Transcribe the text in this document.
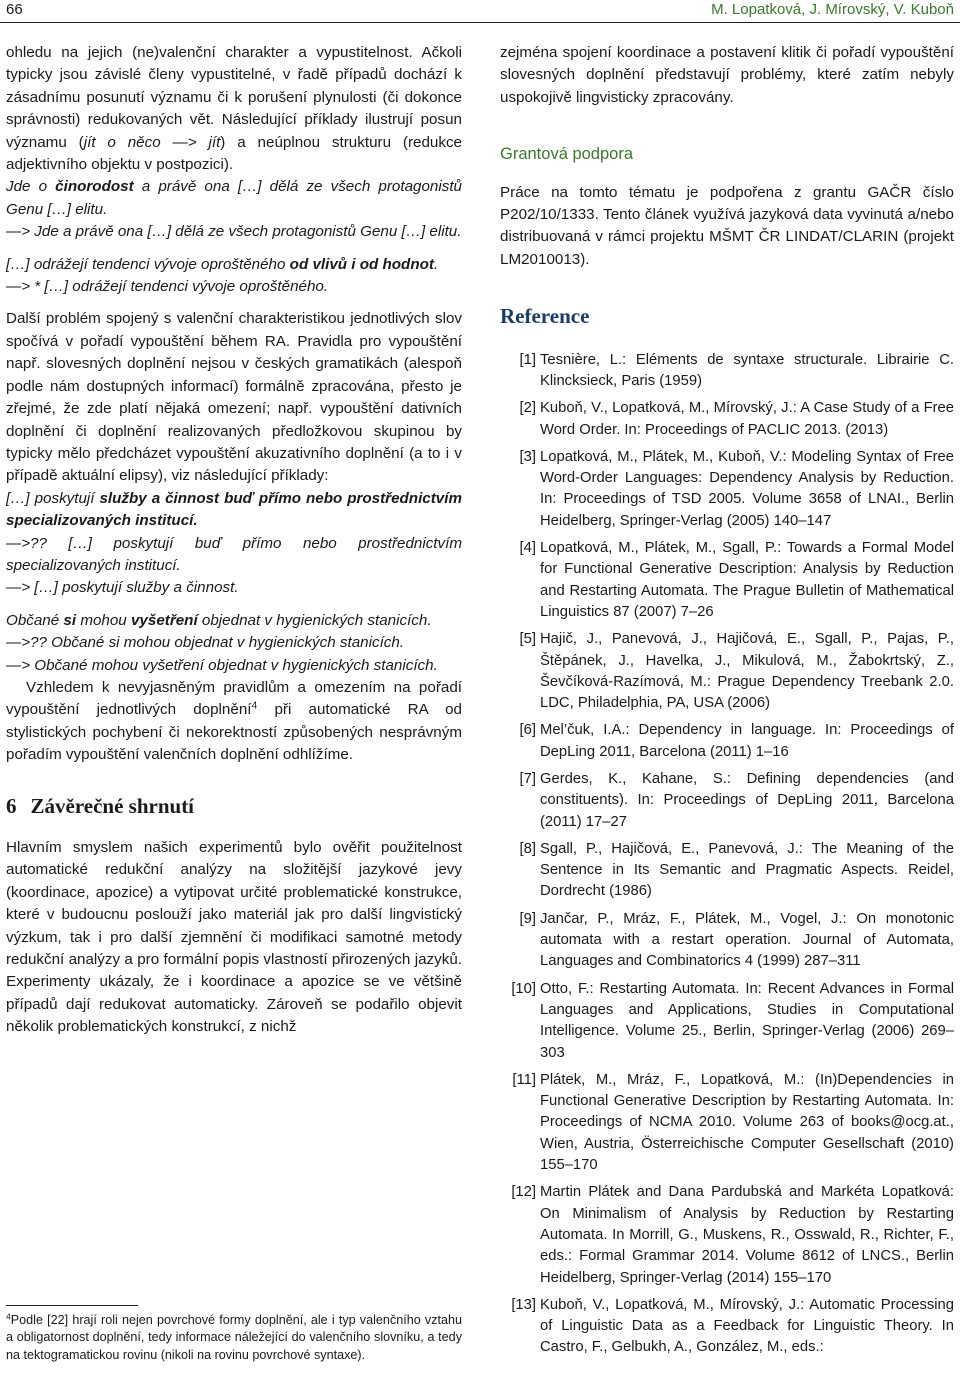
66	M. Lopatková, J. Mírovský, V. Kuboň

ohledu na jejich (ne)valenční charakter a vypustitelnost. Ačkoli typicky jsou závislé členy vypustitelné, v řadě případů dochází k zásadnímu posunutí významu či k porušení plynulosti (či dokonce správnosti) redukovaných vět. Následující příklady ilustrují posun významu (jít o něco —> jít) a neúplnou strukturu (redukce adjektivního objektu v postpozici).

Jde o činorodost a právě ona […] dělá ze všech protagonistů Genu […] elitu.

—> Jde a právě ona […] dělá ze všech protagonistů Genu […] elitu.

[…] odrážejí tendenci vývoje oproštěného od vlivů i od hodnot.

—> * […] odrážejí tendenci vývoje oproštěného.

Další problém spojený s valenční charakteristikou jednotlivých slov spočívá v pořadí vypouštění během RA. Pravidla pro vypouštění např. slovesných doplnění nejsou v českých gramatikách (alespoň podle nám dostupných informací) formálně zpracována, přesto je zřejmé, že zde platí nějaká omezení; např. vypouštění dativních doplnění či doplnění realizovaných předložkovou skupinou by typicky mělo předcházet vypouštění akuzativního doplnění (a to i v případě aktuální elipsy), viz následující příklady:

[…] poskytují služby a činnost buď přímo nebo prostřednictvím specializovaných institucí.

—>?? […] poskytují buď přímo nebo prostřednictvím specializovaných institucí.

—> […] poskytují služby a činnost.

Občané si mohou vyšetření objednat v hygienických stanicích.

—>?? Občané si mohou objednat v hygienických stanicích.

—> Občané mohou vyšetření objednat v hygienických stanicích.

Vzhledem k nevyjasněným pravidlům a omezením na pořadí vypouštění jednotlivých doplnění$^4$ při automatické RA od stylistických pochybení či nekorektností způsobených nesprávným pořadím vypouštění valenčních doplnění odhlížíme.

6 Závěrečné shrnutí

Hlavním smyslem našich experimentů bylo ověřit použitelnost automatické redukční analýzy na složitější jazykové jevy (koordinace, apozice) a vytipovat určité problematické konstrukce, které v budoucnu poslouží jako materiál jak pro další lingvistický výzkum, tak i pro další zjemnění či modifikaci samotné metody redukční analýzy a pro formální popis vlastností přirozených jazyků. Experimenty ukázaly, že i koordinace a apozice se ve většině případů dají redukovat automaticky. Zároveň se podařilo objevit několik problematických konstrukcí, z nichž

$^4$Podle [22] hrají roli nejen povrchové formy doplnění, ale i typ valenčního vztahu a obligatornost doplnění, tedy informace náležející do valenčního slovníku, a tedy na tektogramatickou rovinu (nikoli na rovinu povrchové syntaxe).

zejména spojení koordinace a postavení klitik či pořadí vypouštění slovesných doplnění představují problémy, které zatím nebyly uspokojivě lingvisticky zpracovány.

Grantová podpora

Práce na tomto tématu je podpořena z grantu GAČR číslo P202/10/1333. Tento článek využívá jazyková data vyvinutá a/nebo distribuovaná v rámci projektu MŠMT ČR LINDAT/CLARIN (projekt LM2010013).

Reference
[1] Tesnière, L.: Eléments de syntaxe structurale. Librairie C. Klincksieck, Paris (1959)
[2] Kuboň, V., Lopatková, M., Mírovský, J.: A Case Study of a Free Word Order. In: Proceedings of PACLIC 2013. (2013)
[3] Lopatková, M., Plátek, M., Kuboň, V.: Modeling Syntax of Free Word-Order Languages: Dependency Analysis by Reduction. In: Proceedings of TSD 2005. Volume 3658 of LNAI., Berlin Heidelberg, Springer-Verlag (2005) 140–147
[4] Lopatková, M., Plátek, M., Sgall, P.: Towards a Formal Model for Functional Generative Description: Analysis by Reduction and Restarting Automata. The Prague Bulletin of Mathematical Linguistics 87 (2007) 7–26
[5] Hajič, J., Panevová, J., Hajičová, E., Sgall, P., Pajas, P., Štěpánek, J., Havelka, J., Mikulová, M., Žabokrtský, Z., Ševčíková-Razímová, M.: Prague Dependency Treebank 2.0. LDC, Philadelphia, PA, USA (2006)
[6] Mel’čuk, I.A.: Dependency in language. In: Proceedings of DepLing 2011, Barcelona (2011) 1–16
[7] Gerdes, K., Kahane, S.: Defining dependencies (and constituents). In: Proceedings of DepLing 2011, Barcelona (2011) 17–27
[8] Sgall, P., Hajičová, E., Panevová, J.: The Meaning of the Sentence in Its Semantic and Pragmatic Aspects. Reidel, Dordrecht (1986)
[9] Jančar, P., Mráz, F., Plátek, M., Vogel, J.: On monotonic automata with a restart operation. Journal of Automata, Languages and Combinatorics 4 (1999) 287–311
[10] Otto, F.: Restarting Automata. In: Recent Advances in Formal Languages and Applications, Studies in Computational Intelligence. Volume 25., Berlin, Springer-Verlag (2006) 269–303
[11] Plátek, M., Mráz, F., Lopatková, M.: (In)Dependencies in Functional Generative Description by Restarting Automata. In: Proceedings of NCMA 2010. Volume 263 of books@ocg.at., Wien, Austria, Österreichische Computer Gesellschaft (2010) 155–170
[12] Martin Plátek and Dana Pardubská and Markéta Lopatková: On Minimalism of Analysis by Reduction by Restarting Automata. In Morrill, G., Muskens, R., Osswald, R., Richter, F., eds.: Formal Grammar 2014. Volume 8612 of LNCS., Berlin Heidelberg, Springer-Verlag (2014) 155–170
[13] Kuboň, V., Lopatková, M., Mírovský, J.: Automatic Processing of Linguistic Data as a Feedback for Linguistic Theory. In Castro, F., Gelbukh, A., González, M., eds.:
